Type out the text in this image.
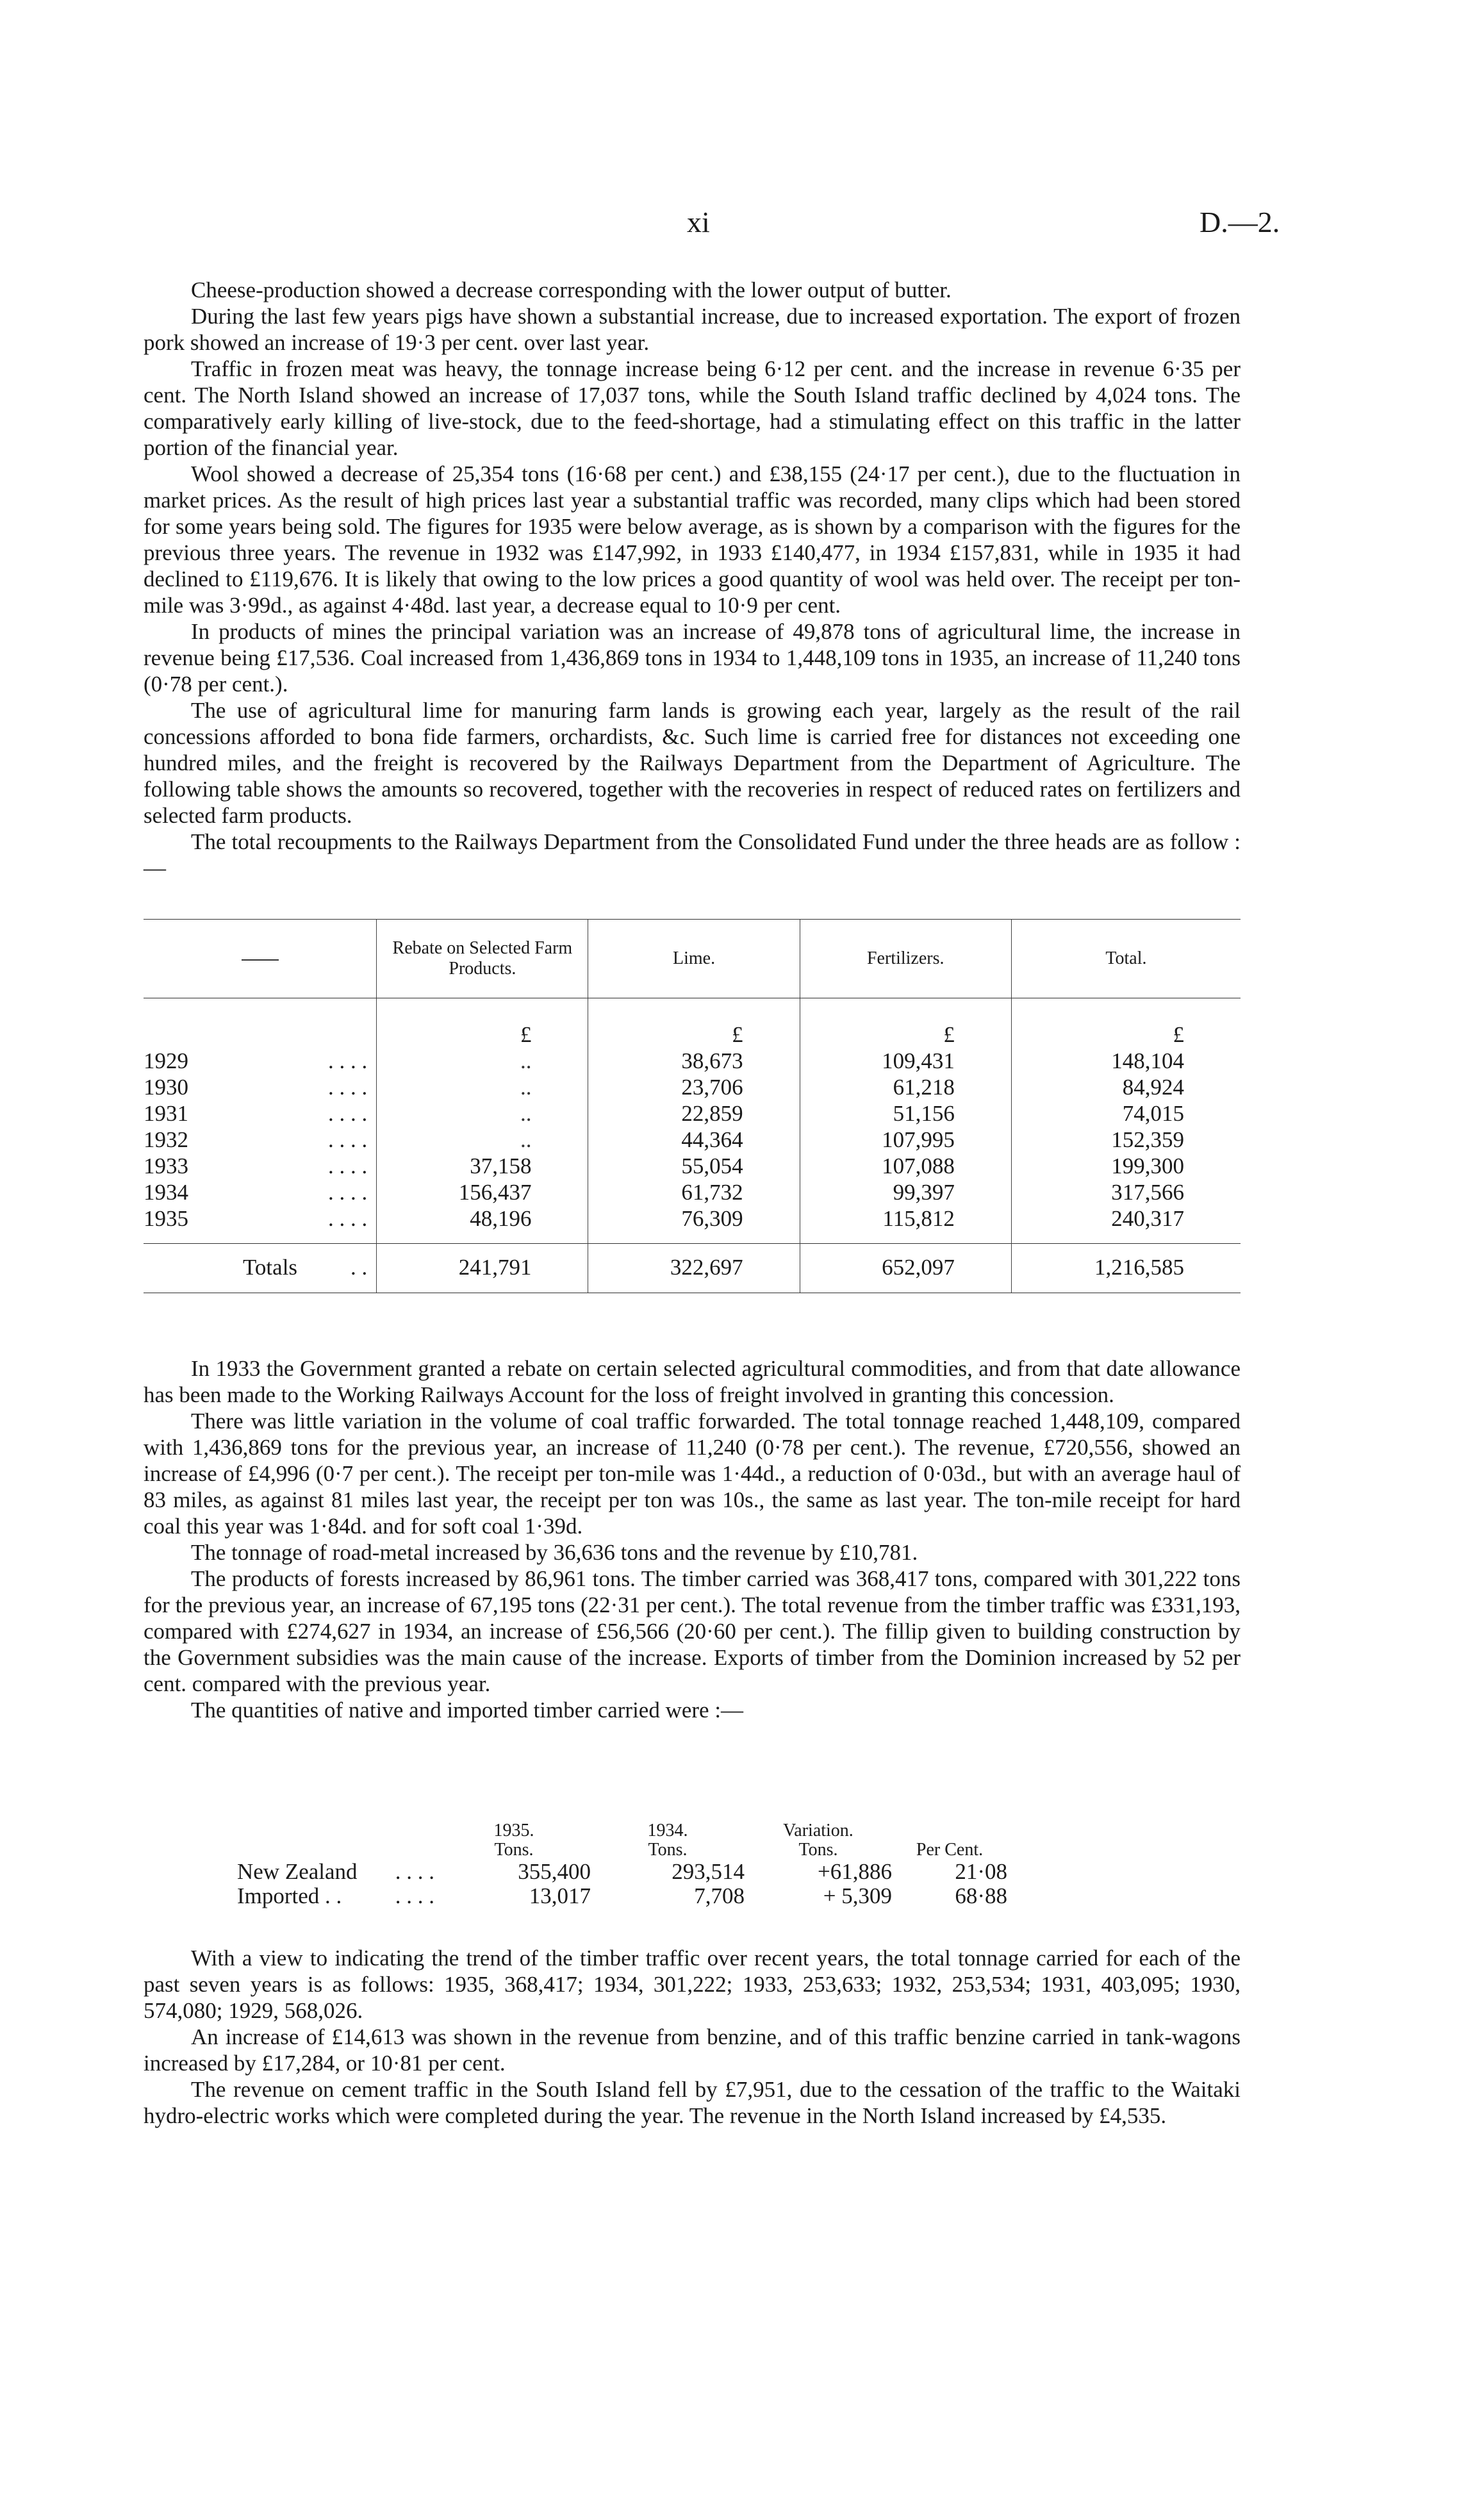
xi	D.—2.

Cheese-production showed a decrease corresponding with the lower output of butter.

During the last few years pigs have shown a substantial increase, due to increased exportation. The export of frozen pork showed an increase of 19·3 per cent. over last year.

Traffic in frozen meat was heavy, the tonnage increase being 6·12 per cent. and the increase in revenue 6·35 per cent. The North Island showed an increase of 17,037 tons, while the South Island traffic declined by 4,024 tons. The comparatively early killing of live-stock, due to the feed-shortage, had a stimulating effect on this traffic in the latter portion of the financial year.

Wool showed a decrease of 25,354 tons (16·68 per cent.) and £38,155 (24·17 per cent.), due to the fluctuation in market prices. As the result of high prices last year a substantial traffic was recorded, many clips which had been stored for some years being sold. The figures for 1935 were below average, as is shown by a comparison with the figures for the previous three years. The revenue in 1932 was £147,992, in 1933 £140,477, in 1934 £157,831, while in 1935 it had declined to £119,676. It is likely that owing to the low prices a good quantity of wool was held over. The receipt per ton-mile was 3·99d., as against 4·48d. last year, a decrease equal to 10·9 per cent.

In products of mines the principal variation was an increase of 49,878 tons of agricultural lime, the increase in revenue being £17,536. Coal increased from 1,436,869 tons in 1934 to 1,448,109 tons in 1935, an increase of 11,240 tons (0·78 per cent.).

The use of agricultural lime for manuring farm lands is growing each year, largely as the result of the rail concessions afforded to bona fide farmers, orchardists, &c. Such lime is carried free for distances not exceeding one hundred miles, and the freight is recovered by the Railways Department from the Department of Agriculture. The following table shows the amounts so recovered, together with the recoveries in respect of reduced rates on fertilizers and selected farm products.

The total recoupments to the Railways Department from the Consolidated Fund under the three heads are as follow :—

	Rebate on Selected Farm Products.	Lime.	Fertilizers.	Total.
	£	£	£	£
1929 . . . .	..	38,673	109,431	148,104
1930 . . . .	..	23,706	61,218	84,924
1931 . . . .	..	22,859	51,156	74,015
1932 . . . .	..	44,364	107,995	152,359
1933 . . . .	37,158	55,054	107,088	199,300
1934 . . . .	156,437	61,732	99,397	317,566
1935 . . . .	48,196	76,309	115,812	240,317
Totals . .	241,791	322,697	652,097	1,216,585

In 1933 the Government granted a rebate on certain selected agricultural commodities, and from that date allowance has been made to the Working Railways Account for the loss of freight involved in granting this concession.

There was little variation in the volume of coal traffic forwarded. The total tonnage reached 1,448,109, compared with 1,436,869 tons for the previous year, an increase of 11,240 (0·78 per cent.). The revenue, £720,556, showed an increase of £4,996 (0·7 per cent.). The receipt per ton-mile was 1·44d., a reduction of 0·03d., but with an average haul of 83 miles, as against 81 miles last year, the receipt per ton was 10s., the same as last year. The ton-mile receipt for hard coal this year was 1·84d. and for soft coal 1·39d.

The tonnage of road-metal increased by 36,636 tons and the revenue by £10,781.

The products of forests increased by 86,961 tons. The timber carried was 368,417 tons, compared with 301,222 tons for the previous year, an increase of 67,195 tons (22·31 per cent.). The total revenue from the timber traffic was £331,193, compared with £274,627 in 1934, an increase of £56,566 (20·60 per cent.). The fillip given to building construction by the Government subsidies was the main cause of the increase. Exports of timber from the Dominion increased by 52 per cent. compared with the previous year.

The quantities of native and imported timber carried were :—

	1935.	1934.	Variation.	
	Tons.	Tons.	Tons.	Per Cent.
New Zealand . . . .	355,400	293,514	+61,886	21·08
Imported . . . . . .	13,017	7,708	+ 5,309	68·88

With a view to indicating the trend of the timber traffic over recent years, the total tonnage carried for each of the past seven years is as follows: 1935, 368,417; 1934, 301,222; 1933, 253,633; 1932, 253,534; 1931, 403,095; 1930, 574,080; 1929, 568,026.

An increase of £14,613 was shown in the revenue from benzine, and of this traffic benzine carried in tank-wagons increased by £17,284, or 10·81 per cent.

The revenue on cement traffic in the South Island fell by £7,951, due to the cessation of the traffic to the Waitaki hydro-electric works which were completed during the year. The revenue in the North Island increased by £4,535.
